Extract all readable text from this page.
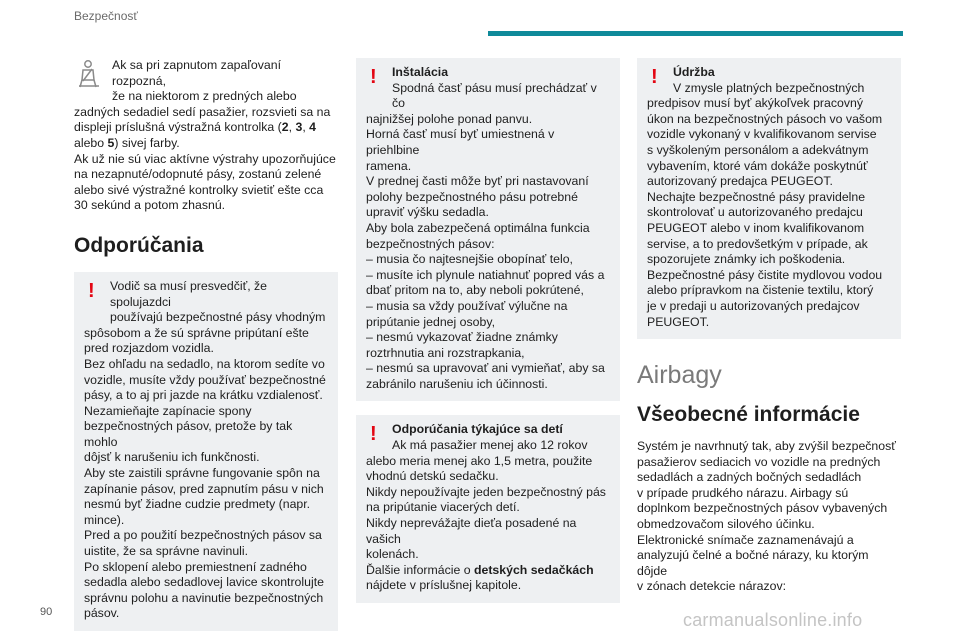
Bezpečnosť
Ak sa pri zapnutom zapaľovaní rozpozná,
že na niektorom z predných alebo
zadných sedadiel sedí pasažier, rozsvieti sa na
displeji príslušná výstražná kontrolka (2, 3, 4
alebo 5) sivej farby.
Ak už nie sú viac aktívne výstrahy upozorňujúce
na nezapnuté/odopnuté pásy, zostanú zelené
alebo sivé výstražné kontrolky svietiť ešte cca
30 sekúnd a potom zhasnú.
Odporúčania
!	Vodič sa musí presvedčiť, že spolujazdci
používajú bezpečnostné pásy vhodným
spôsobom a že sú správne pripútaní ešte
pred rozjazdom vozidla.
Bez ohľadu na sedadlo, na ktorom sedíte vo
vozidle, musíte vždy používať bezpečnostné
pásy, a to aj pri jazde na krátku vzdialenosť.
Nezamieňajte zapínacie spony
bezpečnostných pásov, pretože by tak mohlo
dôjsť k narušeniu ich funkčnosti.
Aby ste zaistili správne fungovanie spôn na
zapínanie pásov, pred zapnutím pásu v nich
nesmú byť žiadne cudzie predmety (napr.
mince).
Pred a po použití bezpečnostných pásov sa
uistite, že sa správne navinuli.
Po sklopení alebo premiestnení zadného
sedadla alebo sedadlovej lavice skontrolujte
správnu polohu a navinutie bezpečnostných
pásov.
!	Inštalácia
Spodná časť pásu musí prechádzať v čo
najnižšej polohe ponad panvu.
Horná časť musí byť umiestnená v priehlbine
ramena.
V prednej časti môže byť pri nastavovaní
polohy bezpečnostného pásu potrebné
upraviť výšku sedadla.
Aby bola zabezpečená optimálna funkcia
bezpečnostných pásov:
– musia čo najtesnejšie obopínať telo,
– musíte ich plynule natiahnuť popred vás a
dbať pritom na to, aby neboli pokrútené,
– musia sa vždy používať výlučne na
pripútanie jednej osoby,
– nesmú vykazovať žiadne známky
roztrhnutia ani rozstrapkania,
– nesmú sa upravovať ani vymieňať, aby sa
zabránilo narušeniu ich účinnosti.
!	Odporúčania týkajúce sa detí
Ak má pasažier menej ako 12 rokov
alebo meria menej ako 1,5 metra, použite
vhodnú detskú sedačku.
Nikdy nepoužívajte jeden bezpečnostný pás
na pripútanie viacerých detí.
Nikdy neprevážajte dieťa posadené na vašich
kolenách.
Ďalšie informácie o detských sedačkách
nájdete v príslušnej kapitole.
!	Údržba
V zmysle platných bezpečnostných
predpisov musí byť akýkoľvek pracovný
úkon na bezpečnostných pásoch vo vašom
vozidle vykonaný v kvalifikovanom servise
s vyškoleným personálom a adekvátnym
vybavením, ktoré vám dokáže poskytnúť
autorizovaný predajca PEUGEOT.
Nechajte bezpečnostné pásy pravidelne
skontrolovať u autorizovaného predajcu
PEUGEOT alebo v inom kvalifikovanom
servise, a to predovšetkým v prípade, ak
spozorujete známky ich poškodenia.
Bezpečnostné pásy čistite mydlovou vodou
alebo prípravkom na čistenie textilu, ktorý
je v predaji u autorizovaných predajcov
PEUGEOT.
Airbagy
Všeobecné informácie
Systém je navrhnutý tak, aby zvýšil bezpečnosť
pasažierov sediacich vo vozidle na predných
sedadlách a zadných bočných sedadlách
v prípade prudkého nárazu. Airbagy sú
doplnkom bezpečnostných pásov vybavených
obmedzovačom silového účinku.
Elektronické snímače zaznamenávajú a
analyzujú čelné a bočné nárazy, ku ktorým dôjde
v zónach detekcie nárazov:
90	carmanualsonline.info
